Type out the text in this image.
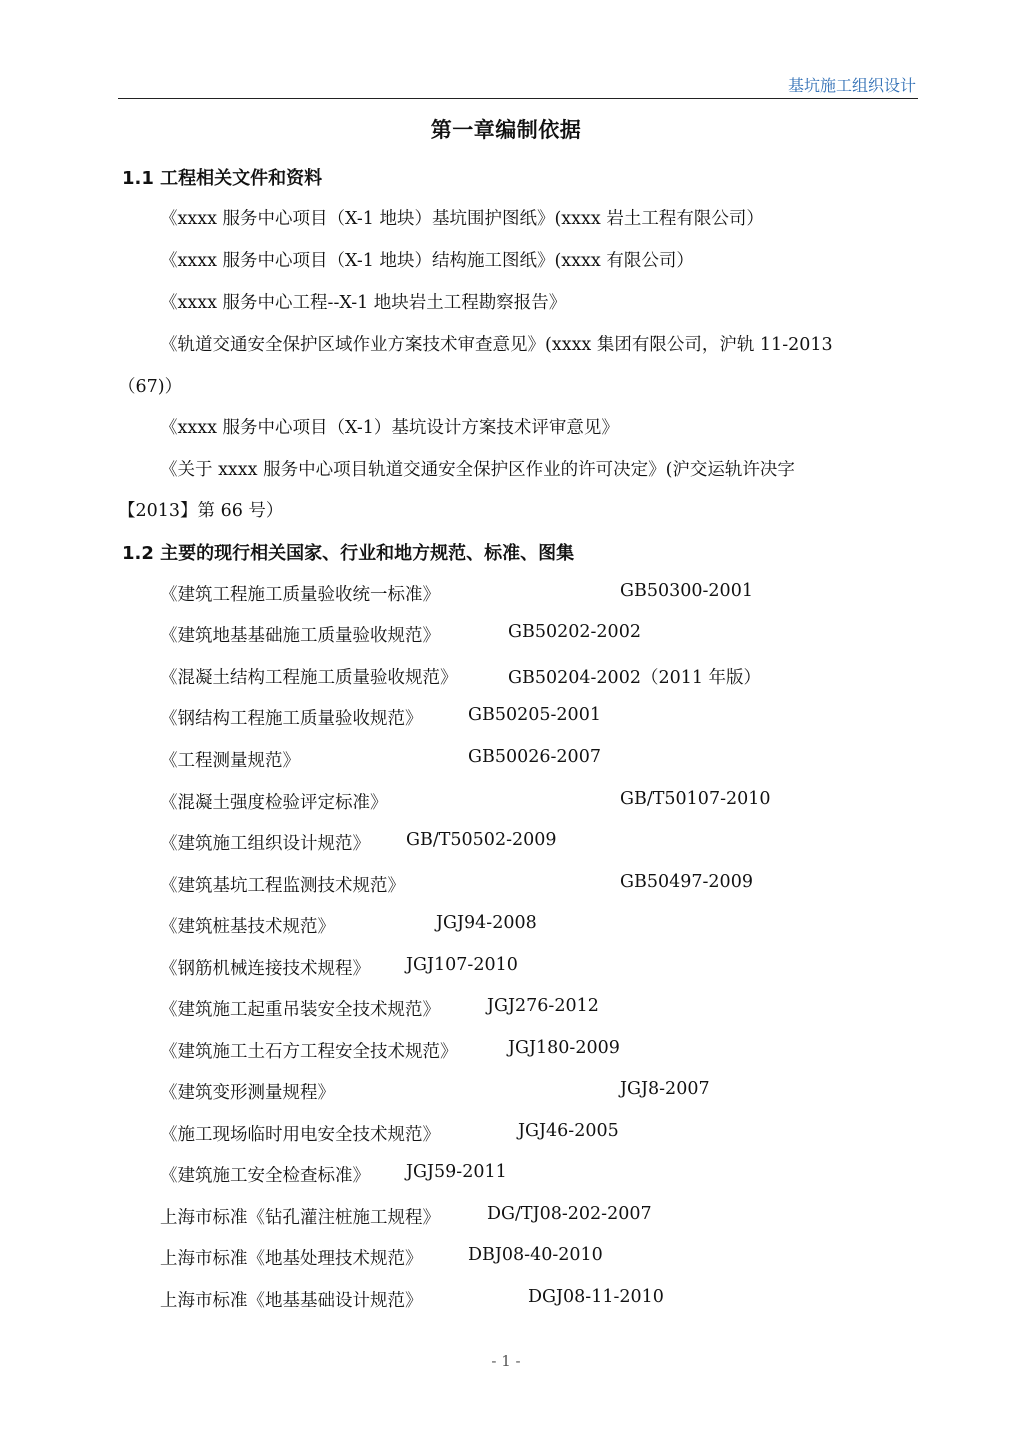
基坑施工组织设计
第一章编制依据
1.1 工程相关文件和资料
《xxxx 服务中心项目（X-1 地块）基坑围护图纸》(xxxx 岩土工程有限公司）
《xxxx 服务中心项目（X-1 地块）结构施工图纸》(xxxx 有限公司）
《xxxx 服务中心工程--X-1 地块岩土工程勘察报告》
《轨道交通安全保护区域作业方案技术审查意见》(xxxx 集团有限公司，沪轨 11-2013
（67)）
《xxxx 服务中心项目（X-1）基坑设计方案技术评审意见》
《关于 xxxx 服务中心项目轨道交通安全保护区作业的许可决定》(沪交运轨许决字
【2013】第 66 号）
1.2 主要的现行相关国家、行业和地方规范、标准、图集
《建筑工程施工质量验收统一标准》	GB50300-2001
《建筑地基基础施工质量验收规范》	GB50202-2002
《混凝土结构工程施工质量验收规范》	GB50204-2002（2011 年版）
《钢结构工程施工质量验收规范》	GB50205-2001
《工程测量规范》	GB50026-2007
《混凝土强度检验评定标准》	GB/T50107-2010
《建筑施工组织设计规范》 GB/T50502-2009
《建筑基坑工程监测技术规范》	GB50497-2009
《建筑桩基技术规范》	JGJ94-2008
《钢筋机械连接技术规程》 JGJ107-2010
《建筑施工起重吊装安全技术规范》	JGJ276-2012
《建筑施工土石方工程安全技术规范》	JGJ180-2009
《建筑变形测量规程》	JGJ8-2007
《施工现场临时用电安全技术规范》	JGJ46-2005
《建筑施工安全检查标准》 JGJ59-2011
上海市标准《钻孔灌注桩施工规程》	DG/TJ08-202-2007
上海市标准《地基处理技术规范》	DBJ08-40-2010
上海市标准《地基基础设计规范》	DGJ08-11-2010
- 1 -
